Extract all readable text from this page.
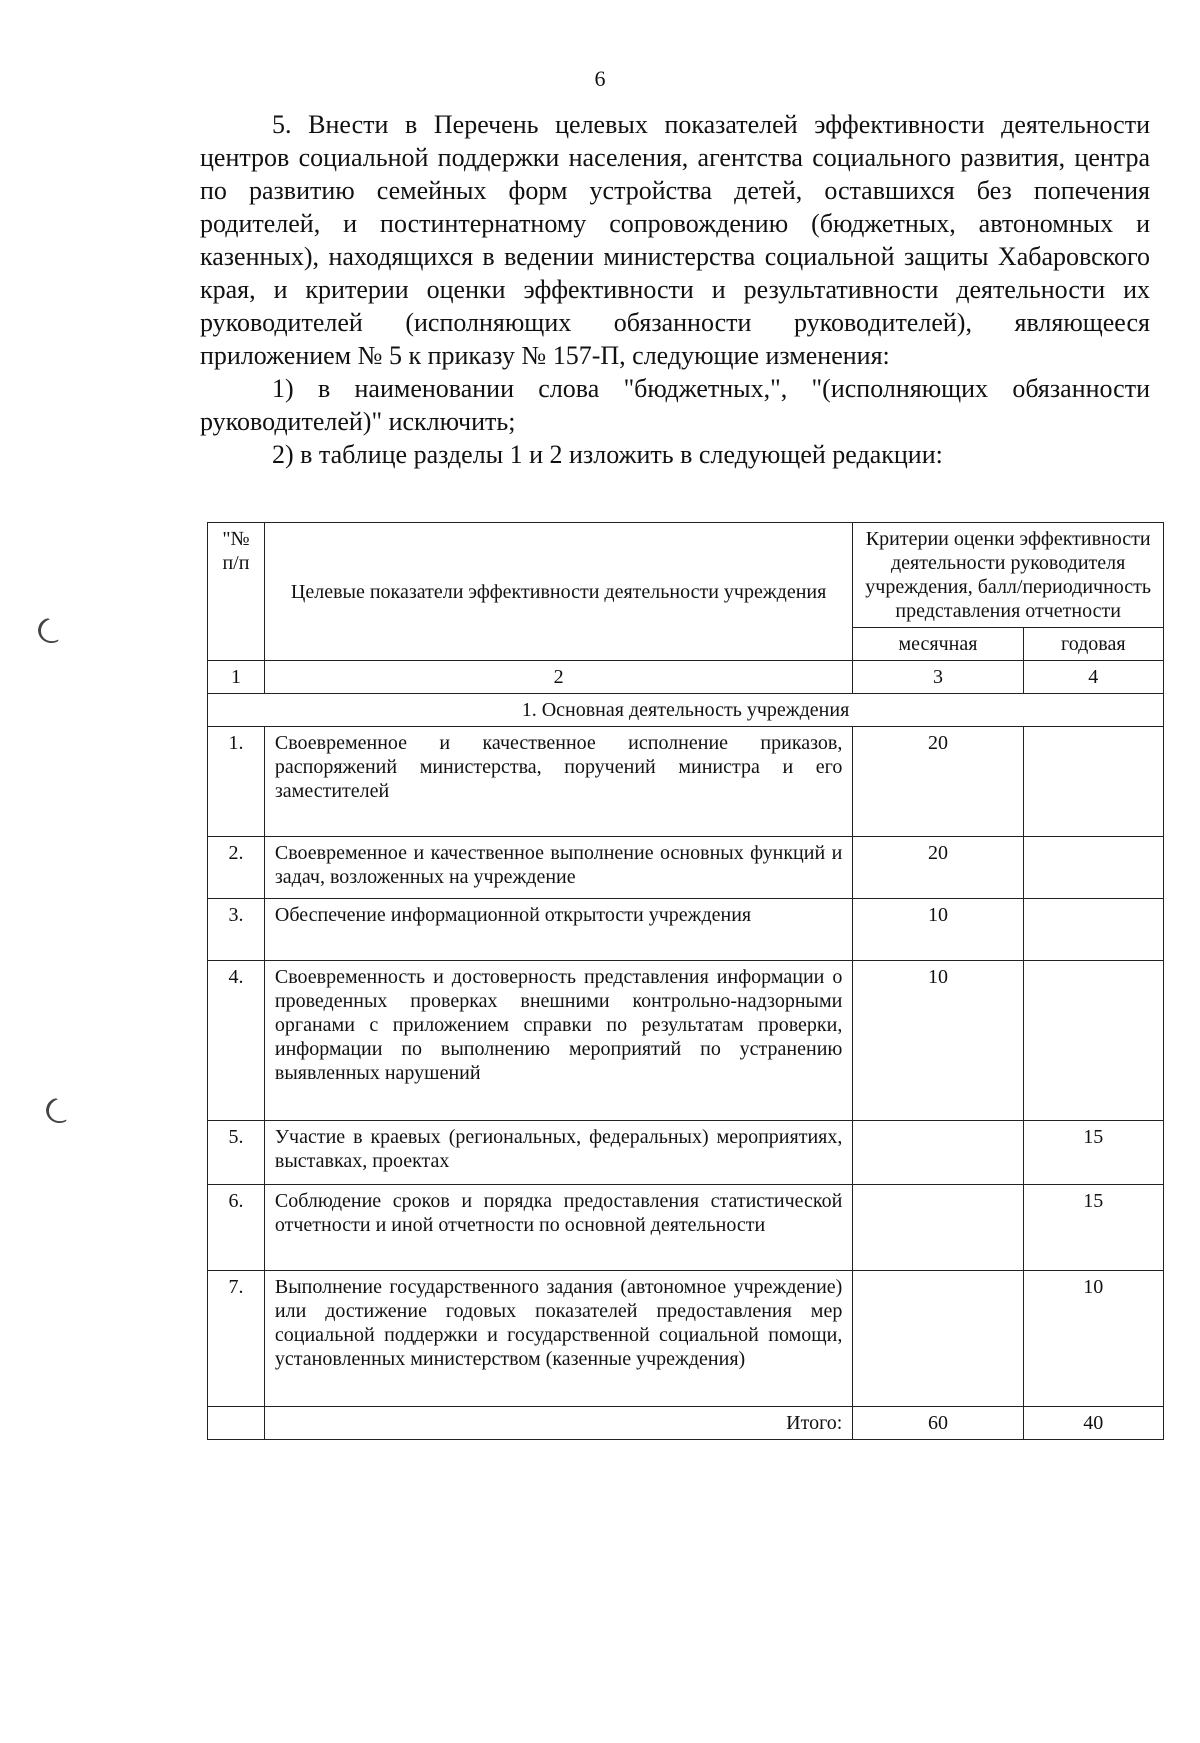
6

5. Внести в Перечень целевых показателей эффективности деятельности центров социальной поддержки населения, агентства социального развития, центра по развитию семейных форм устройства детей, оставшихся без попечения родителей, и постинтернатному сопровождению (бюджетных, автономных и казенных), находящихся в ведении министерства социальной защиты Хабаровского края, и критерии оценки эффективности и результативности деятельности их руководителей (исполняющих обязанности руководителей), являющееся приложением № 5 к приказу № 157-П, следующие изменения:

1) в наименовании слова "бюджетных,", "(исполняющих обязанности руководителей)" исключить;

2) в таблице разделы 1 и 2 изложить в следующей редакции:

"№ п/п	Целевые показатели эффективности деятельности учреждения	Критерии оценки эффективности деятельности руководителя учреждения, балл/периодичность представления отчетности	
		месячная	годовая
1	2	3	4
1. Основная деятельность учреждения			
1.	Своевременное и качественное исполнение приказов, распоряжений министерства, поручений министра и его заместителей	20	
2.	Своевременное и качественное выполнение основных функций и задач, возложенных на учреждение	20	
3.	Обеспечение информационной открытости учреждения	10	
4.	Своевременность и достоверность представления информации о проведенных проверках внешними контрольно-надзорными органами с приложением справки по результатам проверки, информации по выполнению мероприятий по устранению выявленных нарушений	10	
5.	Участие в краевых (региональных, федеральных) мероприятиях, выставках, проектах		15
6.	Соблюдение сроков и порядка предоставления статистической отчетности и иной отчетности по основной деятельности		15
7.	Выполнение государственного задания (автономное учреждение) или достижение годовых показателей предоставления мер социальной поддержки и государственной социальной помощи, установленных министерством (казенные учреждения)		10
	Итого:	60	40
